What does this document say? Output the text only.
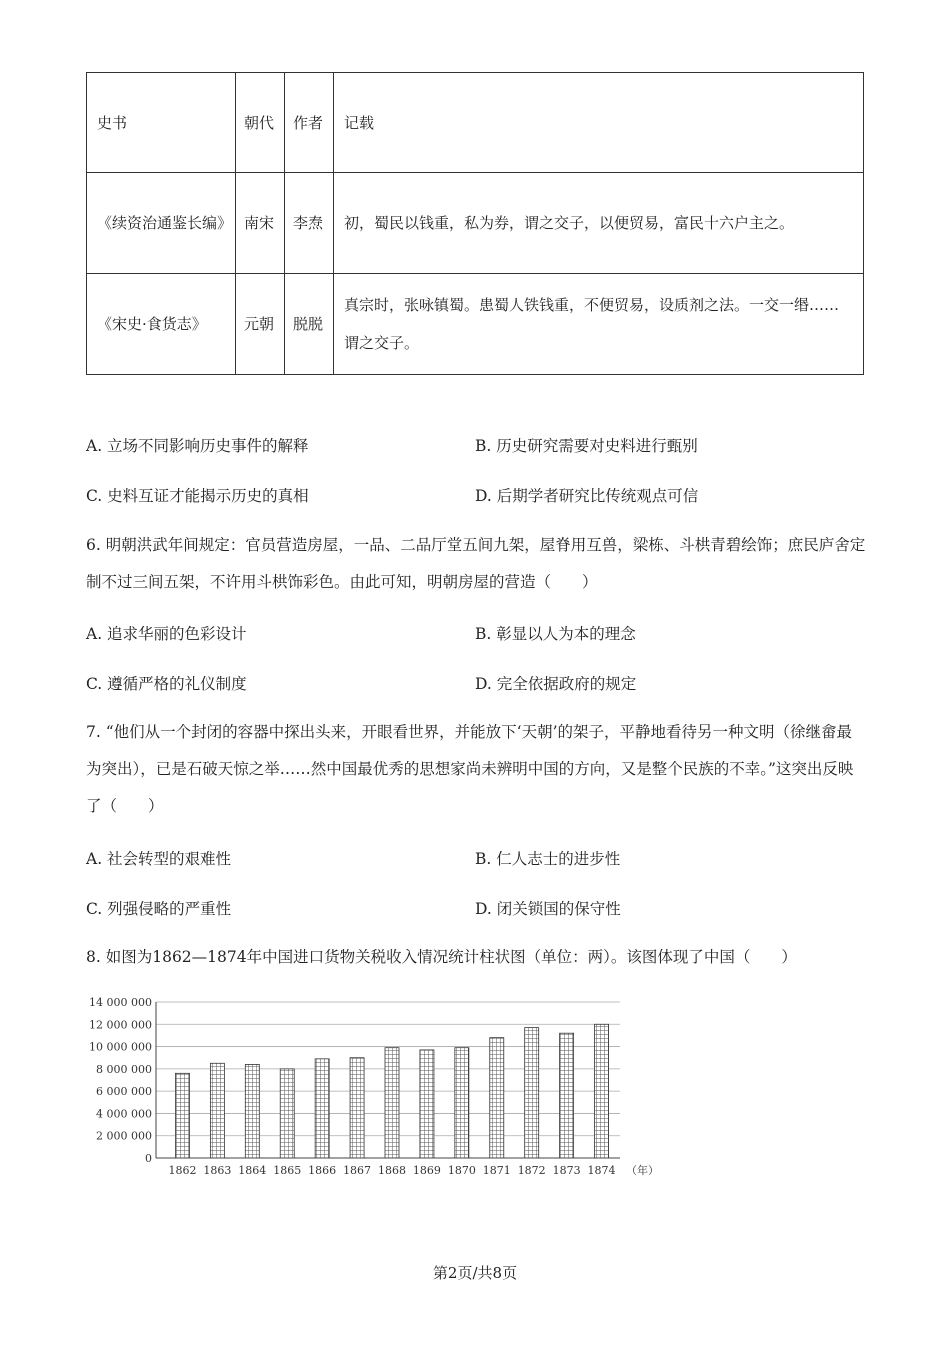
史书	朝代	作者	记载
《续资治通鉴长编》	南宋	李焘	初，蜀民以钱重，私为券，谓之交子，以便贸易，富民十六户主之。
《宋史·食货志》	元朝	脱脱	真宗时，张咏镇蜀。患蜀人铁钱重，不便贸易，设质剂之法。一交一缗……谓之交子。
A. 立场不同影响历史事件的解释	B. 历史研究需要对史料进行甄别
C. 史料互证才能揭示历史的真相	D. 后期学者研究比传统观点可信
6. 明朝洪武年间规定：官员营造房屋，一品、二品厅堂五间九架，屋脊用互兽，梁栋、斗栱青碧绘饰；庶民庐舍定制不过三间五架，不许用斗栱饰彩色。由此可知，明朝房屋的营造（　　）
A. 追求华丽的色彩设计	B. 彰显以人为本的理念
C. 遵循严格的礼仪制度	D. 完全依据政府的规定
7. “他们从一个封闭的容器中探出头来，开眼看世界，并能放下‘天朝’的架子，平静地看待另一种文明（徐继畲最为突出），已是石破天惊之举……然中国最优秀的思想家尚未辨明中国的方向，又是整个民族的不幸。”这突出反映了（　　）
A. 社会转型的艰难性	B. 仁人志士的进步性
C. 列强侵略的严重性	D. 闭关锁国的保守性
8. 如图为1862—1874年中国进口货物关税收入情况统计柱状图（单位：两）。该图体现了中国（　　）
0
2 000 000
4 000 000
6 000 000
8 000 000
10 000 000
12 000 000
14 000 000
1862 1863 1864 1865 1866 1867 1868 1869 1870 1871 1872 1873 1874 （年）
第2页/共8页
